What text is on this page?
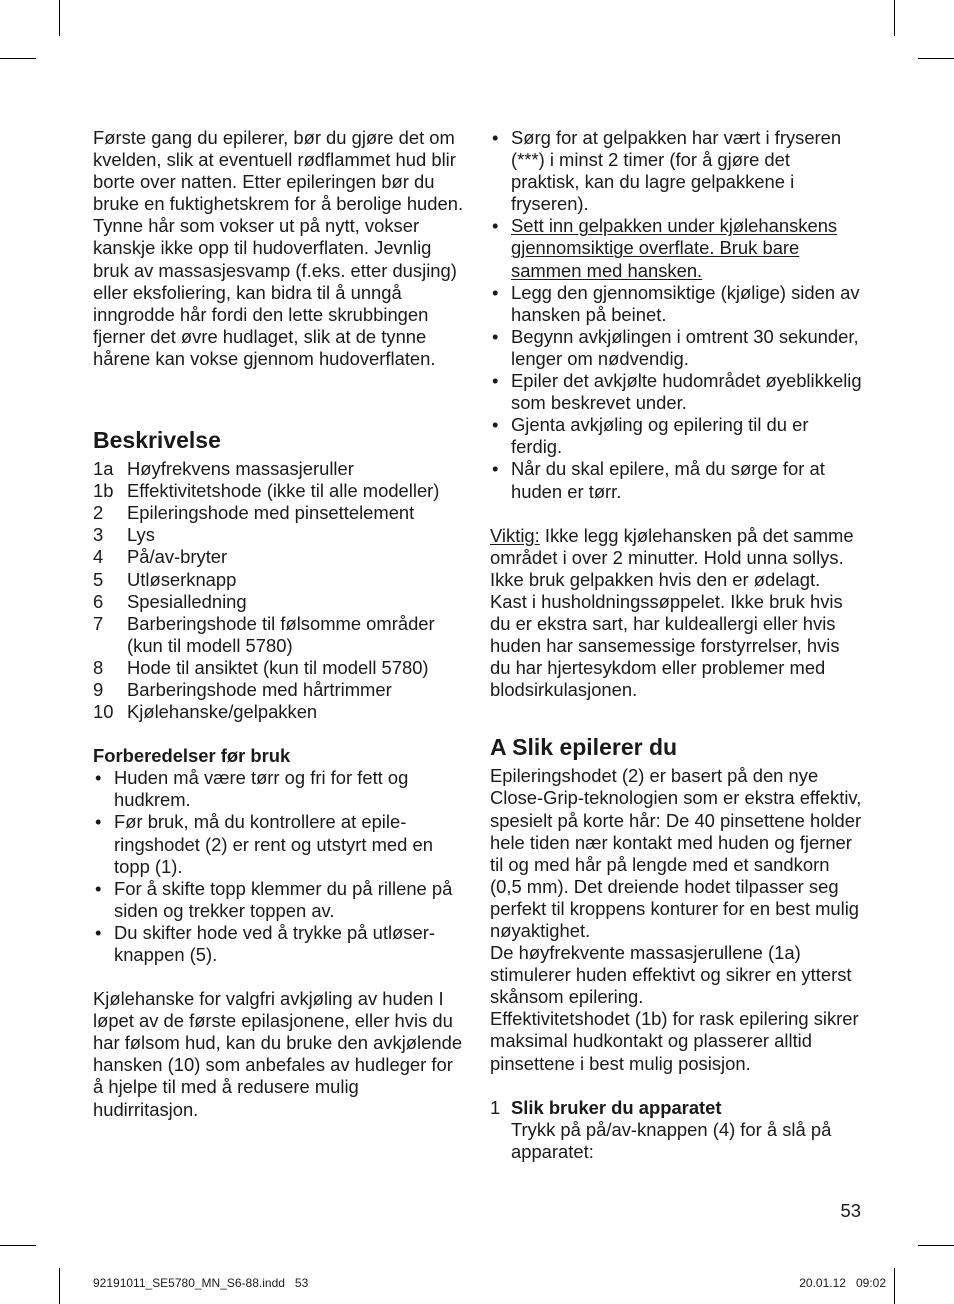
Første gang du epilerer, bør du gjøre det om kvelden, slik at eventuell rødflammet hud blir borte over natten. Etter epileringen bør du bruke en fuktighetskrem for å berolige huden.

Tynne hår som vokser ut på nytt, vokser kanskje ikke opp til hudoverflaten. Jevnlig bruk av massasjesvamp (f.eks. etter dusjing) eller eksfoliering, kan bidra til å unngå inngrodde hår fordi den lette skrubbingen fjerner det øvre hudlaget, slik at de tynne hårene kan vokse gjennom hudoverflaten.

Beskrivelse
1a Høyfrekvens massasjeruller
1b Effektivitetshode (ikke til alle modeller)
2	Epileringshode med pinsettelement
3	Lys
4	På/av-bryter
5	Utløserknapp
6	Spesialledning
7	Barberingshode til følsomme områder (kun til modell 5780)
8	Hode til ansiktet (kun til modell 5780)
9	Barberingshode med hårtrimmer
10 Kjølehanske/gelpakken

Forberedelser før bruk

• Huden må være tørr og fri for fett og hudkrem.
• Før bruk, må du kontrollere at epileringshodet (2) er rent og utstyrt med en topp (1).
• For å skifte topp klemmer du på rillene på siden og trekker toppen av.
• Du skifter hode ved å trykke på utløserknappen (5).

Kjølehanske for valgfri avkjøling av huden I løpet av de første epilasjonene, eller hvis du har følsom hud, kan du bruke den avkjølende hansken (10) som anbefales av hudleger for å hjelpe til med å redusere mulig hudirritasjon.

• Sørg for at gelpakken har vært i fryseren (***) i minst 2 timer (for å gjøre det praktisk, kan du lagre gelpakkene i fryseren).
• Sett inn gelpakken under kjølehanskens gjennomsiktige overflate. Bruk bare sammen med hansken.
• Legg den gjennomsiktige (kjølige) siden av hansken på beinet.
• Begynn avkjølingen i omtrent 30 sekunder, lenger om nødvendig.
• Epiler det avkjølte hudområdet øyeblikkelig som beskrevet under.
• Gjenta avkjøling og epilering til du er ferdig.
• Når du skal epilere, må du sørge for at huden er tørr.

Viktig: Ikke legg kjølehansken på det samme området i over 2 minutter. Hold unna sollys. Ikke bruk gelpakken hvis den er ødelagt. Kast i husholdningssøppelet. Ikke bruk hvis du er ekstra sart, har kuldeallergi eller hvis huden har sansemessige forstyrrelser, hvis du har hjertesykdom eller problemer med blodsirkulasjonen.

A Slik epilerer du

Epileringshodet (2) er basert på den nye Close-Grip-teknologien som er ekstra effektiv, spesielt på korte hår: De 40 pinsettene holder hele tiden nær kontakt med huden og fjerner til og med hår på lengde med et sandkorn (0,5 mm). Det dreiende hodet tilpasser seg perfekt til kroppens konturer for en best mulig nøyaktighet.

De høyfrekvente massasjerullene (1a) stimulerer huden effektivt og sikrer en ytterst skånsom epilering.

Effektivitetshodet (1b) for rask epilering sikrer maksimal hudkontakt og plasserer alltid pinsettene i best mulig posisjon.

1 Slik bruker du apparatet
Trykk på på/av-knappen (4) for å slå på apparatet:
53
92191011_SE5780_MN_S6-88.indd   53	20.01.12   09:02
